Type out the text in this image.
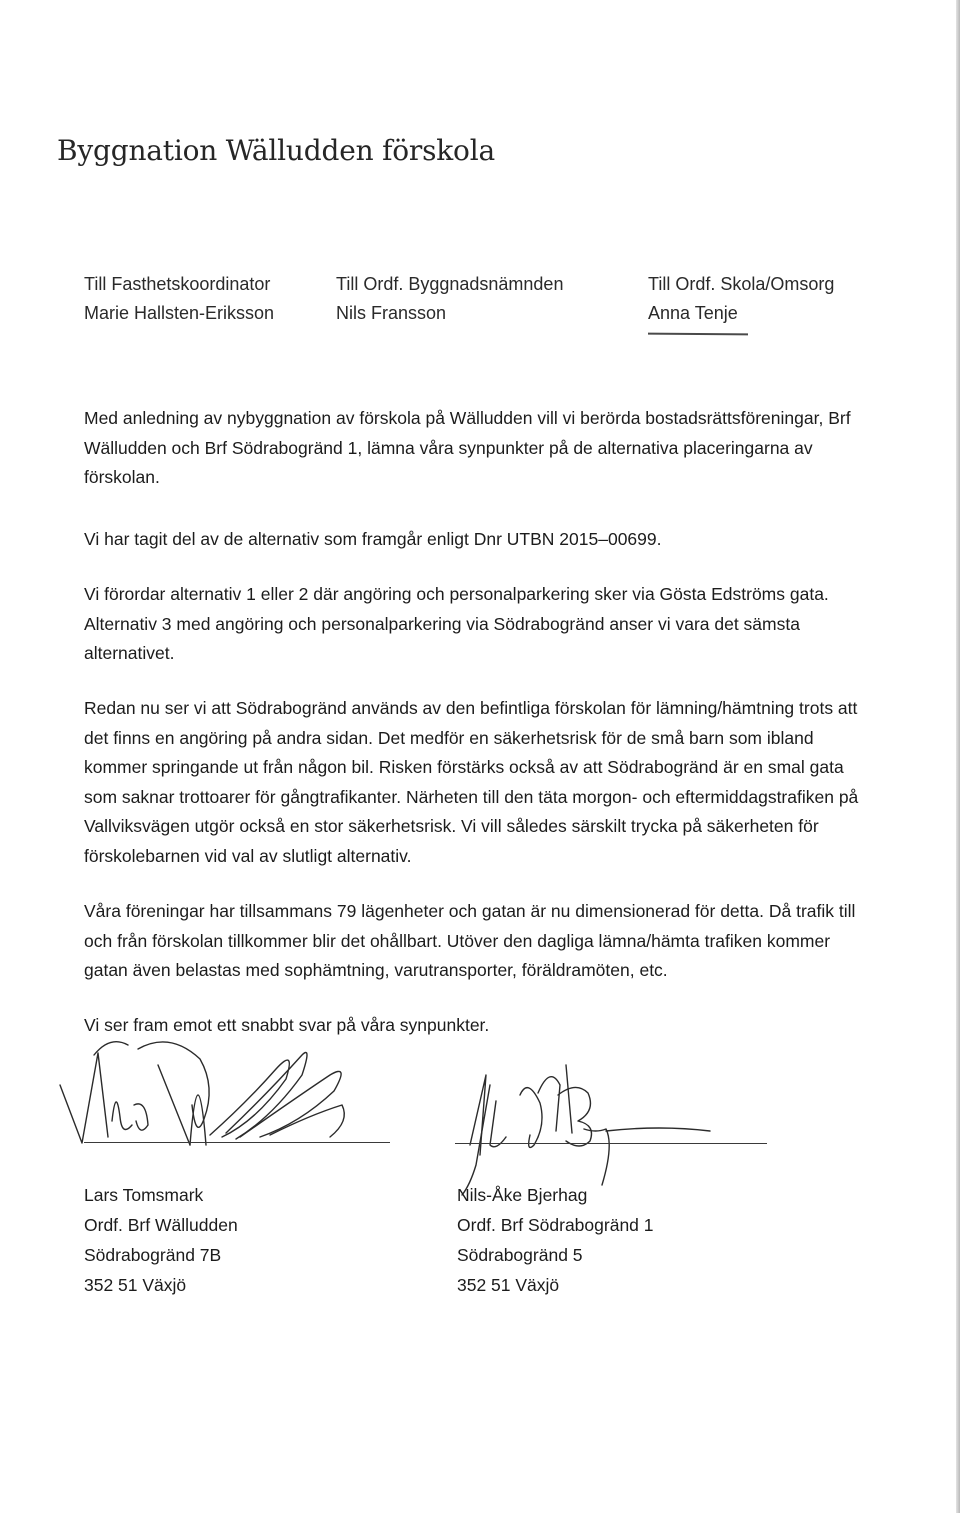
Byggnation Wälludden förskola
Till Fasthetskoordinator
Marie Hallsten-Eriksson
Till Ordf. Byggnadsnämnden
Nils Fransson
Till Ordf. Skola/Omsorg
Anna Tenje

Med anledning av nybyggnation av förskola på Wälludden vill vi berörda bostadsrättsföreningar, Brf Wälludden och Brf Södrabogränd 1, lämna våra synpunkter på de alternativa placeringarna av förskolan.

Vi har tagit del av de alternativ som framgår enligt Dnr UTBN 2015–00699.

Vi förordar alternativ 1 eller 2 där angöring och personalparkering sker via Gösta Edströms gata. Alternativ 3 med angöring och personalparkering via Södrabogränd anser vi vara det sämsta alternativet.

Redan nu ser vi att Södrabogränd används av den befintliga förskolan för lämning/hämtning trots att det finns en angöring på andra sidan. Det medför en säkerhetsrisk för de små barn som ibland kommer springande ut från någon bil. Risken förstärks också av att Södrabogränd är en smal gata som saknar trottoarer för gångtrafikanter. Närheten till den täta morgon- och eftermiddagstrafiken på Vallviksvägen utgör också en stor säkerhetsrisk. Vi vill således särskilt trycka på säkerheten för förskolebarnen vid val av slutligt alternativ.

Våra föreningar har tillsammans 79 lägenheter och gatan är nu dimensionerad för detta. Då trafik till och från förskolan tillkommer blir det ohållbart. Utöver den dagliga lämna/hämta trafiken kommer gatan även belastas med sophämtning, varutransporter, föräldramöten, etc.

Vi ser fram emot ett snabbt svar på våra synpunkter.

Lars Tomsmark
Ordf. Brf Wälludden
Södrabogränd 7B
352 51 Växjö
Nils-Åke Bjerhag
Ordf. Brf Södrabogränd 1
Södrabogränd 5
352 51 Växjö
